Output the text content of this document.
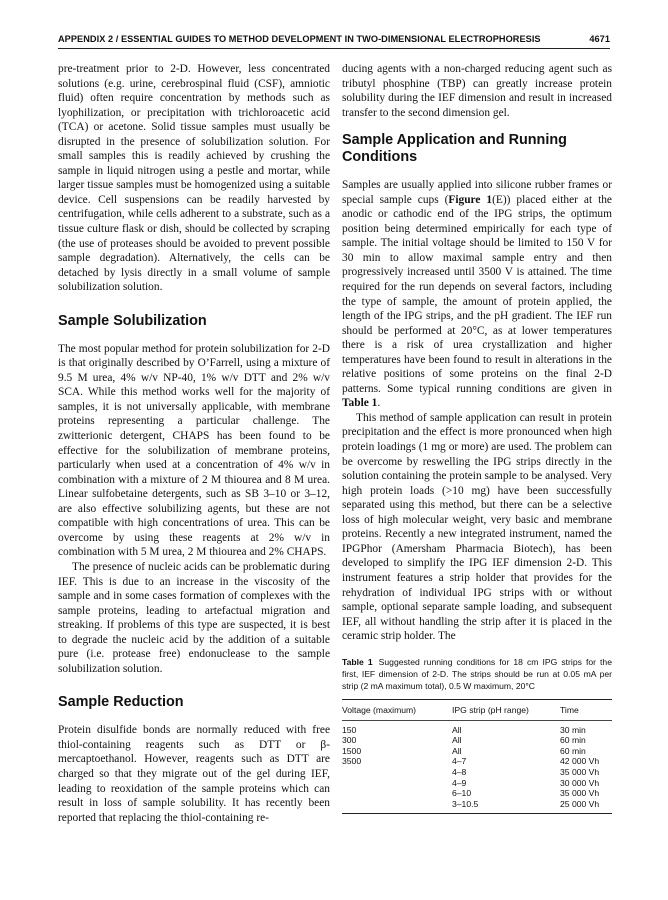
APPENDIX 2 / ESSENTIAL GUIDES TO METHOD DEVELOPMENT IN TWO-DIMENSIONAL ELECTROPHORESIS	4671

pre-treatment prior to 2-D. However, less concentrated solutions (e.g. urine, cerebrospinal fluid (CSF), amniotic fluid) often require concentration by methods such as lyophilization, or precipitation with trichloroacetic acid (TCA) or acetone. Solid tissue samples must usually be disrupted in the presence of solubilization solution. For small samples this is readily achieved by crushing the sample in liquid nitrogen using a pestle and mortar, while larger tissue samples must be homogenized using a suitable device. Cell suspensions can be readily harvested by centrifugation, while cells adherent to a substrate, such as a tissue culture flask or dish, should be collected by scraping (the use of proteases should be avoided to prevent possible sample degradation). Alternatively, the cells can be detached by lysis directly in a small volume of sample solubilization solution.

Sample Solubilization

The most popular method for protein solubilization for 2-D is that originally described by O’Farrell, using a mixture of 9.5 M urea, 4% w/v NP-40, 1% w/v DTT and 2% w/v SCA. While this method works well for the majority of samples, it is not universally applicable, with membrane proteins representing a particular challenge. The zwitterionic detergent, CHAPS has been found to be effective for the solubilization of membrane proteins, particularly when used at a concentration of 4% w/v in combination with a mixture of 2 M thiourea and 8 M urea. Linear sulfobetaine detergents, such as SB 3–10 or 3–12, are also effective solubilizing agents, but these are not compatible with high concentrations of urea. This can be overcome by using these reagents at 2% w/v in combination with 5 M urea, 2 M thiourea and 2% CHAPS.

The presence of nucleic acids can be problematic during IEF. This is due to an increase in the viscosity of the sample and in some cases formation of complexes with the sample proteins, leading to artefactual migration and streaking. If problems of this type are suspected, it is best to degrade the nucleic acid by the addition of a suitable pure (i.e. protease free) endonuclease to the sample solubilization solution.

Sample Reduction

Protein disulfide bonds are normally reduced with free thiol-containing reagents such as DTT or β-mercaptoethanol. However, reagents such as DTT are charged so that they migrate out of the gel during IEF, leading to reoxidation of the sample proteins which can result in loss of sample solubility. It has recently been reported that replacing the thiol-containing re-

ducing agents with a non-charged reducing agent such as tributyl phosphine (TBP) can greatly increase protein solubility during the IEF dimension and result in increased transfer to the second dimension gel.

Sample Application and Running Conditions

Samples are usually applied into silicone rubber frames or special sample cups (Figure 1(E)) placed either at the anodic or cathodic end of the IPG strips, the optimum position being determined empirically for each type of sample. The initial voltage should be limited to 150 V for 30 min to allow maximal sample entry and then progressively increased until 3500 V is attained. The time required for the run depends on several factors, including the type of sample, the amount of protein applied, the length of the IPG strips, and the pH gradient. The IEF run should be performed at 20°C, as at lower temperatures there is a risk of urea crystallization and higher temperatures have been found to result in alterations in the relative positions of some proteins on the final 2-D patterns. Some typical running conditions are given in Table 1.

This method of sample application can result in protein precipitation and the effect is more pronounced when high protein loadings (1 mg or more) are used. The problem can be overcome by reswelling the IPG strips directly in the solution containing the protein sample to be analysed. Very high protein loads (>10 mg) have been successfully separated using this method, but there can be a selective loss of high molecular weight, very basic and membrane proteins. Recently a new integrated instrument, named the IPGPhor (Amersham Pharmacia Biotech), has been developed to simplify the IPG IEF dimension 2-D. This instrument features a strip holder that provides for the rehydration of individual IPG strips with or without sample, optional separate sample loading, and subsequent IEF, all without handling the strip after it is placed in the ceramic strip holder. The

Table 1 Suggested running conditions for 18 cm IPG strips for the first, IEF dimension of 2-D. The strips should be run at 0.05 mA per strip (2 mA maximum total), 0.5 W maximum, 20°C

Voltage (maximum)	IPG strip (pH range)	Time
150	All	30 min
300	All	60 min
1500	All	60 min
3500	4–7	42 000 Vh
	4–8	35 000 Vh
	4–9	30 000 Vh
	6–10	35 000 Vh
	3–10.5	25 000 Vh
